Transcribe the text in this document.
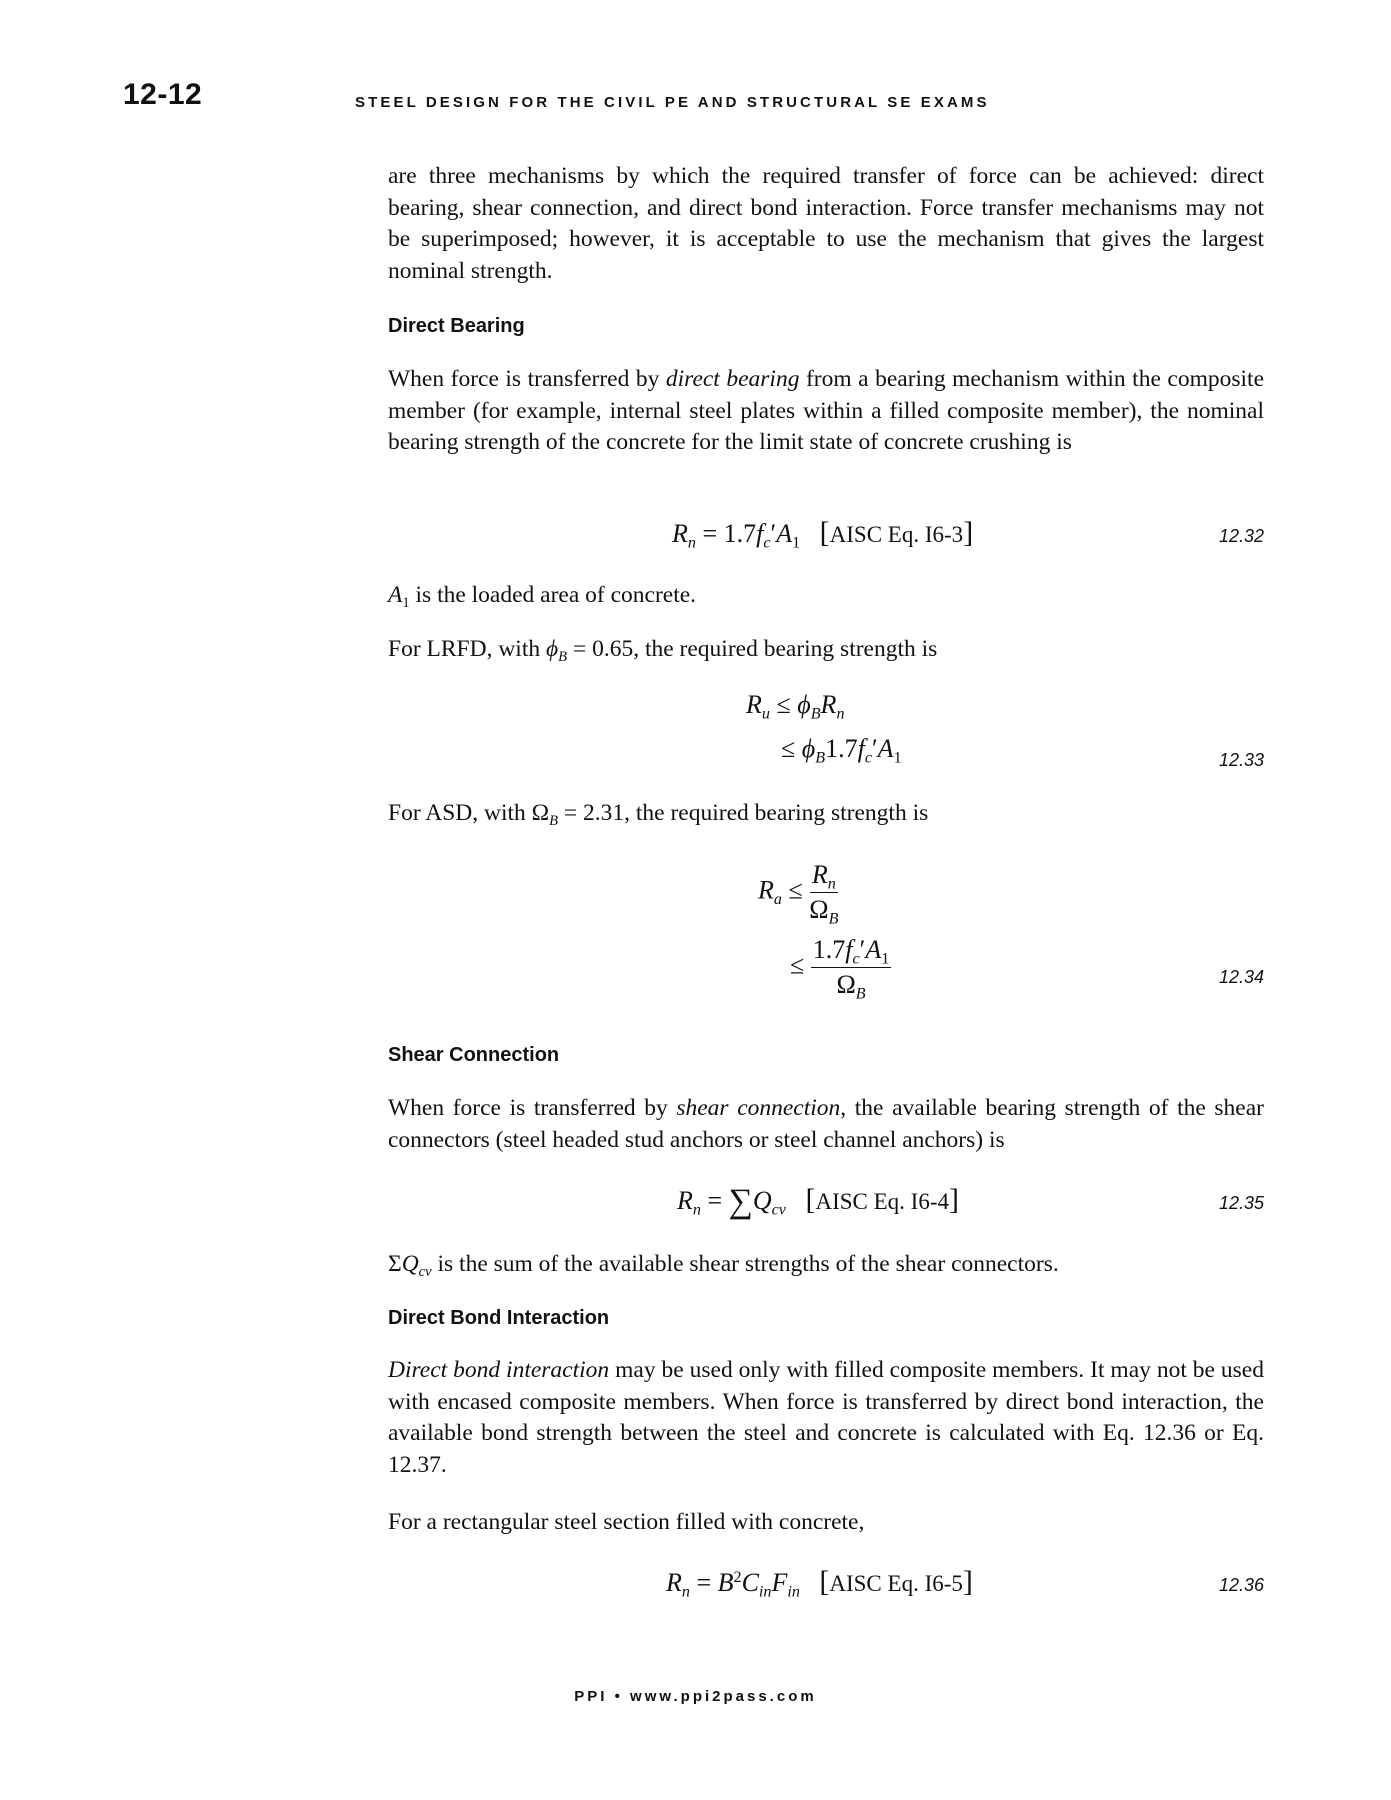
12-12	STEEL DESIGN FOR THE CIVIL PE AND STRUCTURAL SE EXAMS
are three mechanisms by which the required transfer of force can be achieved: direct bearing, shear connection, and direct bond interaction. Force transfer mechanisms may not be superimposed; however, it is acceptable to use the mechanism that gives the largest nominal strength.
Direct Bearing
When force is transferred by direct bearing from a bearing mechanism within the composite member (for example, internal steel plates within a filled composite member), the nominal bearing strength of the concrete for the limit state of concrete crushing is
$R_n = 1.7f_c'A_1$ [AISC Eq. I6-3]	12.32
$A_1$ is the loaded area of concrete.
For LRFD, with $\phi_B = 0.65$, the required bearing strength is
$R_u \le \phi_BR_n$
≤ $\phi_B1.7f_c'A_1$	12.33
For ASD, with $\Omega_B = 2.31$, the required bearing strength is
$R_a \le \frac{R_n}{\Omega_B}$
≤ $\frac{1.7f_c'A_1}{\Omega_B}$	12.34
Shear Connection
When force is transferred by shear connection, the available bearing strength of the shear connectors (steel headed stud anchors or steel channel anchors) is
$R_n = \sum Q_{cv}$ [AISC Eq. I6-4]	12.35
$\Sigma Q_{cv}$ is the sum of the available shear strengths of the shear connectors.
Direct Bond Interaction
Direct bond interaction may be used only with filled composite members. It may not be used with encased composite members. When force is transferred by direct bond interaction, the available bond strength between the steel and concrete is calculated with Eq. 12.36 or Eq. 12.37.
For a rectangular steel section filled with concrete,
$R_n = B^2C_{in}F_{in}$ [AISC Eq. I6-5]	12.36
PPI • www.ppi2pass.com
